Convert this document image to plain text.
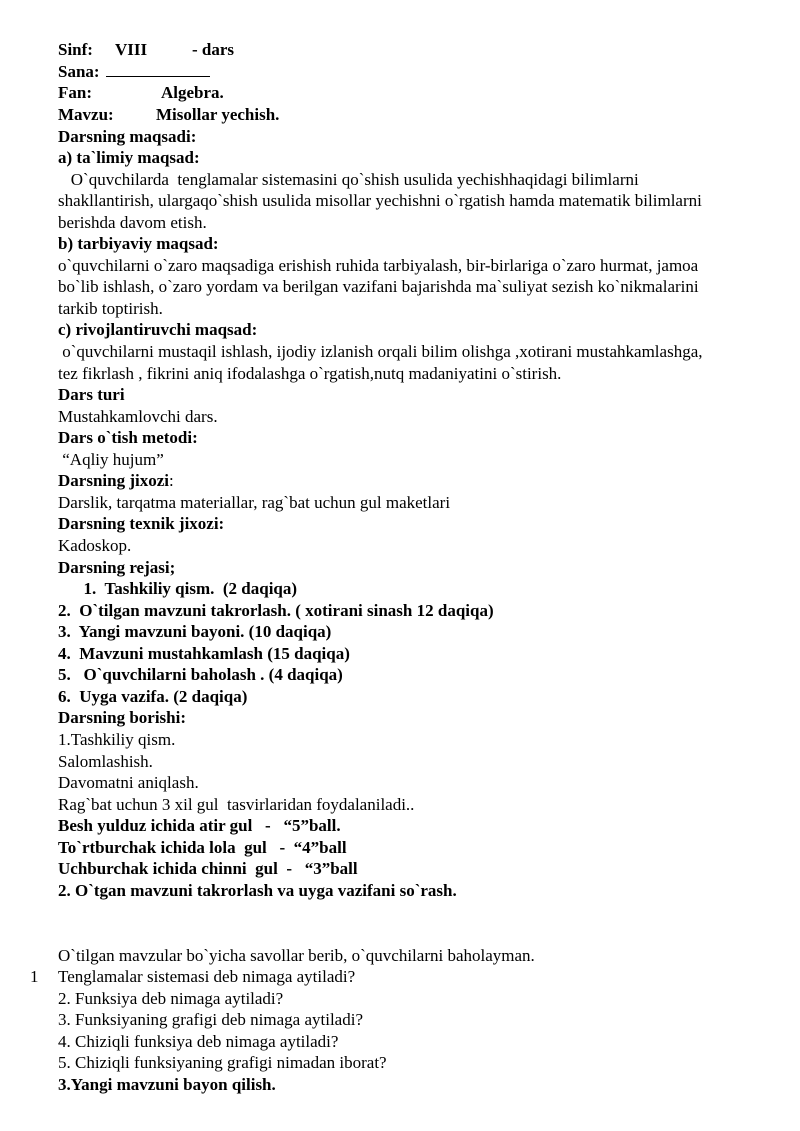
Sinf: VIII	- dars
Sana:
Fan:	Algebra.
Mavzu: Misollar yechish.
Darsning maqsadi:
a) ta`limiy maqsad:
O`quvchilarda  tenglamalar sistemasini qo`shish usulida yechishhaqidagi bilimlarni
shakllantirish, ulargaqo`shish usulida misollar yechishni o`rgatish hamda matematik bilimlarni
berishda davom etish.
b) tarbiyaviy maqsad:
o`quvchilarni o`zaro maqsadiga erishish ruhida tarbiyalash, bir-birlariga o`zaro hurmat, jamoa
bo`lib ishlash, o`zaro yordam va berilgan vazifani bajarishda ma`suliyat sezish ko`nikmalarini
tarkib toptirish.
c) rivojlantiruvchi maqsad:
o`quvchilarni mustaqil ishlash, ijodiy izlanish orqali bilim olishga ,xotirani mustahkamlashga,
tez fikrlash , fikrini aniq ifodalashga o`rgatish,nutq madaniyatini o`stirish.
Dars turi
Mustahkamlovchi dars.
Dars o`tish metodi:
“Aqliy hujum”
Darsning jixozi:
Darslik, tarqatma materiallar, rag`bat uchun gul maketlari
Darsning texnik jixozi:
Kadoskop.
Darsning rejasi;
1.  Tashkiliy qism.  (2 daqiqa)
2.  O`tilgan mavzuni takrorlash. ( xotirani sinash 12 daqiqa)
3.  Yangi mavzuni bayoni. (10 daqiqa)
4.  Mavzuni mustahkamlash (15 daqiqa)
5.   O`quvchilarni baholash . (4 daqiqa)
6.  Uyga vazifa. (2 daqiqa)
Darsning borishi:
1.Tashkiliy qism.
Salomlashish.
Davomatni aniqlash.
Rag`bat uchun 3 xil gul  tasvirlaridan foydalaniladi..
Besh yulduz ichida atir gul   -   “5”ball.
To`rtburchak ichida lola  gul   -  “4”ball
Uchburchak ichida chinni  gul  -   “3”ball
2. O`tgan mavzuni takrorlash va uyga vazifani so`rash.
O`tilgan mavzular bo`yicha savollar berib, o`quvchilarni baholayman.
1 Tenglamalar sistemasi deb nimaga aytiladi?
2. Funksiya deb nimaga aytiladi?
3. Funksiyaning grafigi deb nimaga aytiladi?
4. Chiziqli funksiya deb nimaga aytiladi?
5. Chiziqli funksiyaning grafigi nimadan iborat?
3.Yangi mavzuni bayon qilish.
